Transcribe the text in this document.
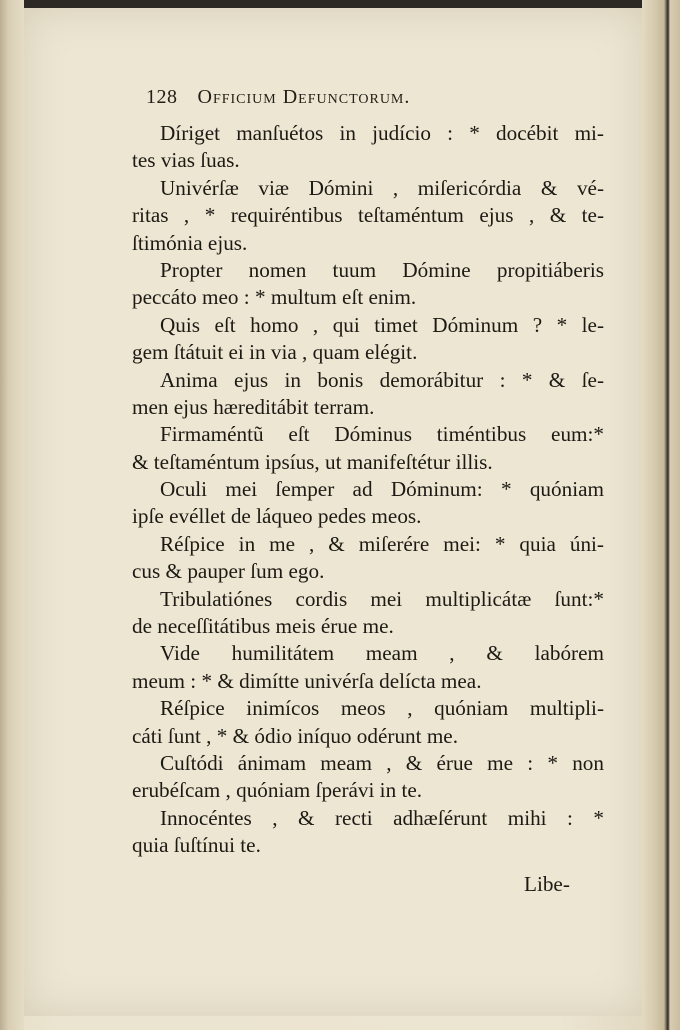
128 Officium Defunctorum.
Díriget manſuétos in judício : * docébit mi-
tes vias ſuas.
Univérſæ viæ Dómini , miſericórdia & vé-
ritas , * requiréntibus teſtaméntum ejus , & te-
ſtimónia ejus.
Propter nomen tuum Dómine propitiáberis
peccáto meo : * multum eſt enim.
Quis eſt homo , qui timet Dóminum ? * le-
gem ſtátuit ei in via , quam elégit.
Anima ejus in bonis demorábitur : * & ſe-
men ejus hæreditábit terram.
Firmaméntũ eſt Dóminus timéntibus eum:*
& teſtaméntum ipsíus, ut manifeſtétur illis.
Oculi mei ſemper ad Dóminum: * quóniam
ipſe evéllet de láqueo pedes meos.
Réſpice in me , & miſerére mei: * quia úni-
cus & pauper ſum ego.
Tribulatiónes cordis mei multiplicátæ ſunt:*
de neceſſitátibus meis érue me.
Vide humilitátem meam , & labórem
meum : * & dimítte univérſa delícta mea.
Réſpice inimícos meos , quóniam multipli-
cáti ſunt , * & ódio iníquo odérunt me.
Cuſtódi ánimam meam , & érue me : * non
erubéſcam , quóniam ſperávi in te.
Innocéntes , & recti adhæſérunt mihi : *
quia ſuſtínui te.
Libe-
